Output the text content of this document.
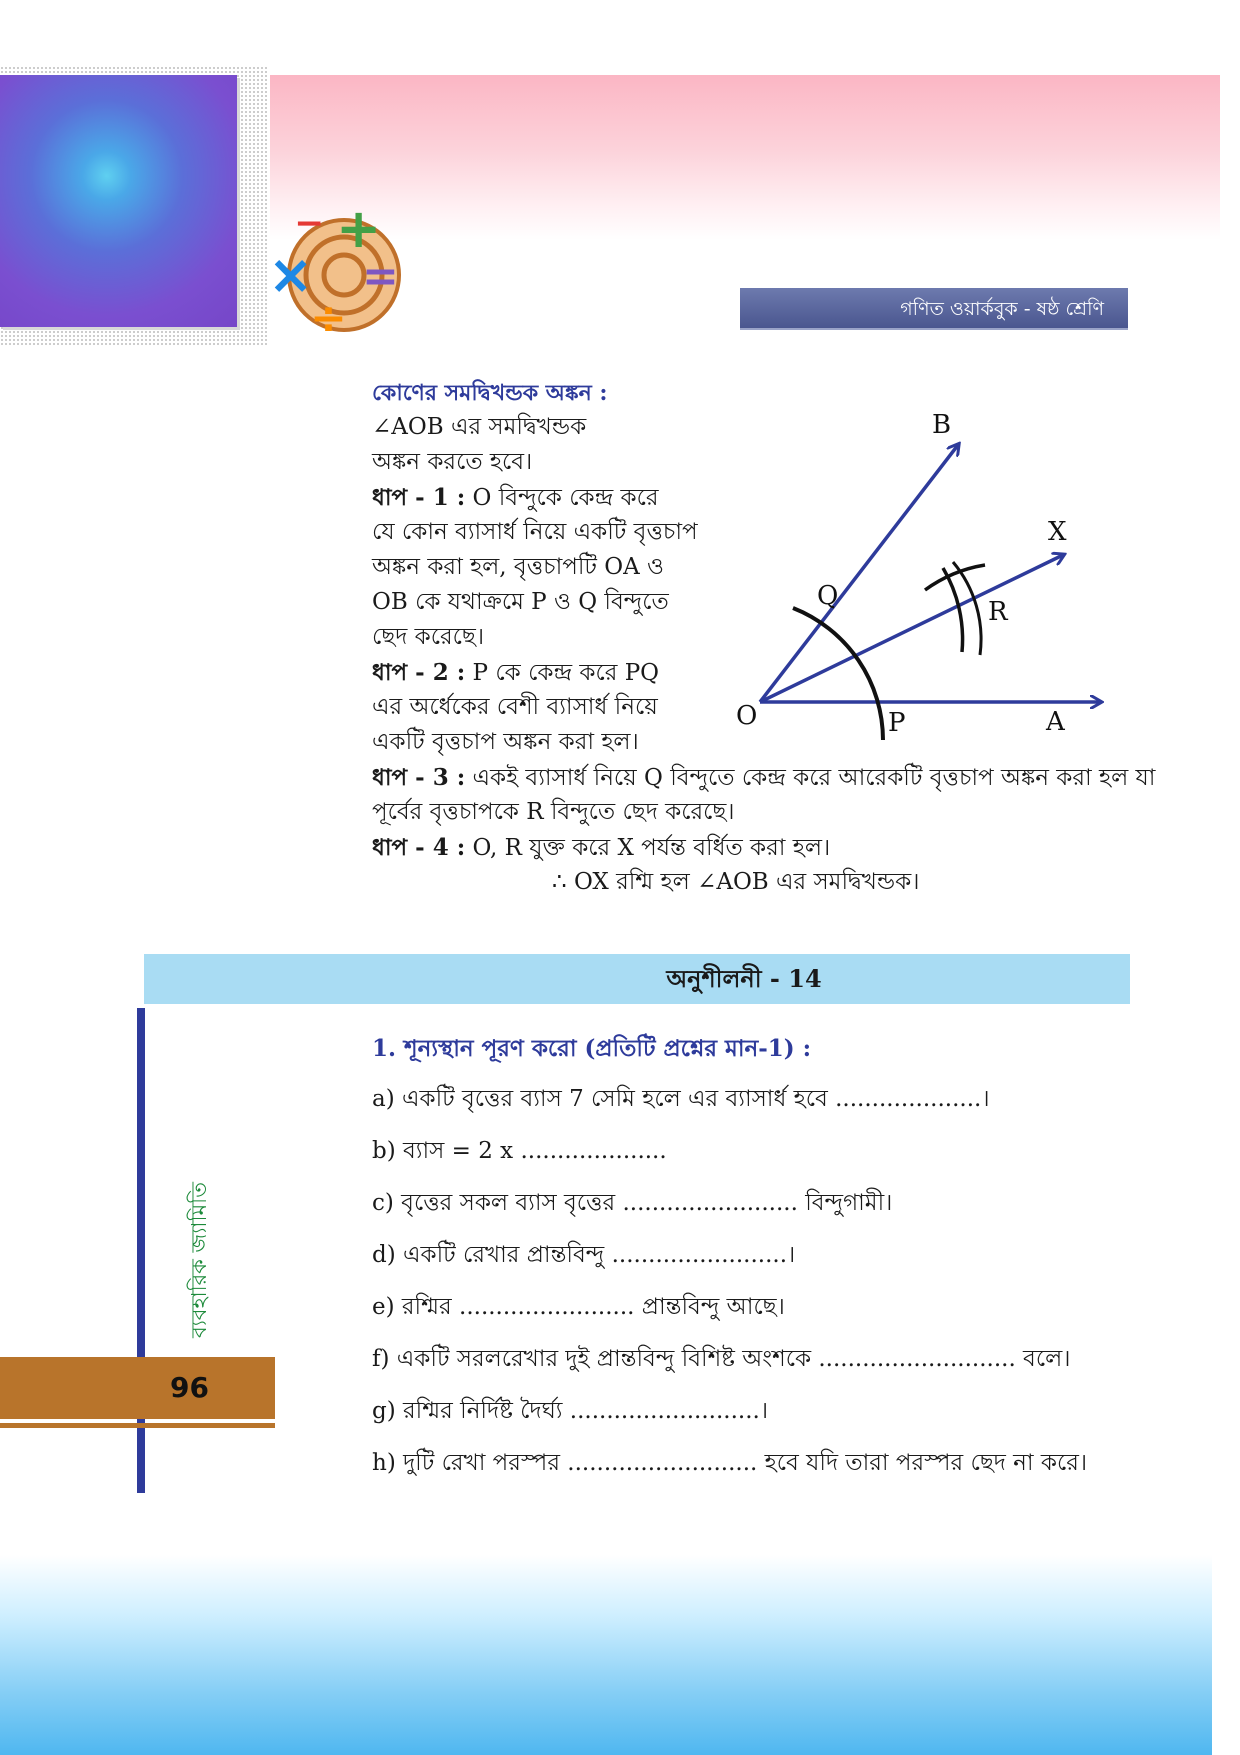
− +
× =
÷	গণিত ওয়ার্কবুক - ষষ্ঠ শ্রেণি
কোণের সমদ্বিখন্ডক অঙ্কন :
∠AOB এর সমদ্বিখন্ডক
অঙ্কন করতে হবে।
ধাপ - 1 : O বিন্দুকে কেন্দ্র করে
যে কোন ব্যাসার্ধ নিয়ে একটি বৃত্তচাপ
অঙ্কন করা হল, বৃত্তচাপটি OA ও
OB কে যথাক্রমে P ও Q বিন্দুতে
ছেদ করেছে।
ধাপ - 2 : P কে কেন্দ্র করে PQ
এর অর্ধেকের বেশী ব্যাসার্ধ নিয়ে
একটি বৃত্তচাপ অঙ্কন করা হল।
ধাপ - 3 : একই ব্যাসার্ধ নিয়ে Q বিন্দুতে কেন্দ্র করে আরেকটি বৃত্তচাপ অঙ্কন করা হল যা
পূর্বের বৃত্তচাপকে R বিন্দুতে ছেদ করেছে।
ধাপ - 4 : O, R যুক্ত করে X পর্যন্ত বর্ধিত করা হল।
∴ OX রশ্মি হল ∠AOB এর সমদ্বিখন্ডক।
O	A
B
X
P
Q
R
অনুশীলনী - 14
ব্যবহারিক জ্যামিতি
96
1. শূন্যস্থান পূরণ করো (প্রতিটি প্রশ্নের মান-1) :
a) একটি বৃত্তের ব্যাস 7 সেমি হলে এর ব্যাসার্ধ হবে ....................।
b) ব্যাস = 2 x ....................
c) বৃত্তের সকল ব্যাস বৃত্তের ........................ বিন্দুগামী।
d) একটি রেখার প্রান্তবিন্দু ........................।
e) রশ্মির ........................ প্রান্তবিন্দু আছে।
f) একটি সরলরেখার দুই প্রান্তবিন্দু বিশিষ্ট অংশকে ........................... বলে।
g) রশ্মির নির্দিষ্ট দৈর্ঘ্য ..........................।
h) দুটি রেখা পরস্পর .......................... হবে যদি তারা পরস্পর ছেদ না করে।
